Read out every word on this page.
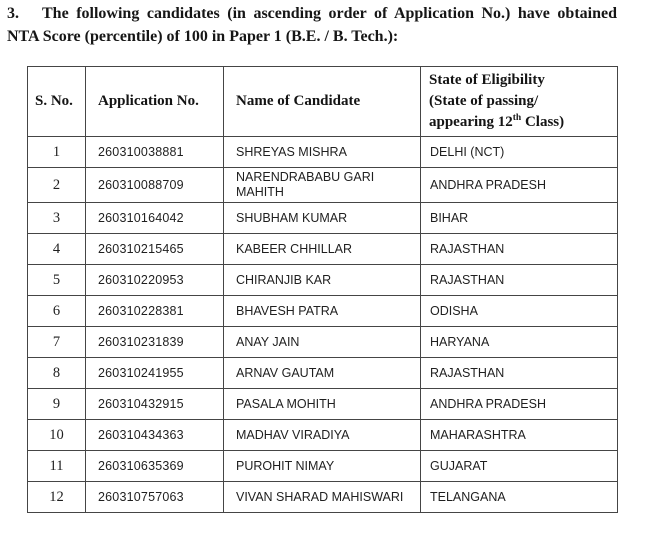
3. The following candidates (in ascending order of Application No.) have obtained NTA Score (percentile) of 100 in Paper 1 (B.E. / B. Tech.):

S. No.	Application No.	Name of Candidate	State of Eligibility
(State of passing/
appearing 12th Class)
1	260310038881	SHREYAS MISHRA	DELHI (NCT)
2	260310088709	NARENDRABABU GARI MAHITH	ANDHRA PRADESH
3	260310164042	SHUBHAM KUMAR	BIHAR
4	260310215465	KABEER CHHILLAR	RAJASTHAN
5	260310220953	CHIRANJIB KAR	RAJASTHAN
6	260310228381	BHAVESH PATRA	ODISHA
7	260310231839	ANAY JAIN	HARYANA
8	260310241955	ARNAV GAUTAM	RAJASTHAN
9	260310432915	PASALA MOHITH	ANDHRA PRADESH
10	260310434363	MADHAV VIRADIYA	MAHARASHTRA
11	260310635369	PUROHIT NIMAY	GUJARAT
12	260310757063	VIVAN SHARAD MAHISWARI	TELANGANA
